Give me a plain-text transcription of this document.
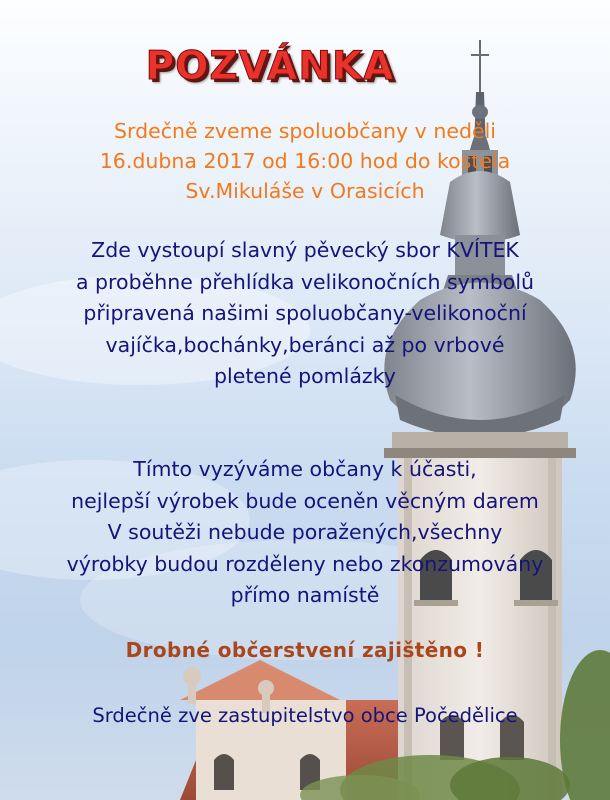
POZVÁNKA

Srdečně zveme spoluobčany v neděli
16.dubna 2017 od 16:00 hod do kostela
Sv.Mikuláše v Orasicích

Zde vystoupí slavný pěvecký sbor KVÍTEK
a proběhne přehlídka velikonočních symbolů
připravená našimi spoluobčany-velikonoční
vajíčka,bochánky,beránci až po vrbové
pletené pomlázky

Tímto vyzýváme občany k účasti,
nejlepší výrobek bude oceněn věcným darem
V soutěži nebude poražených,všechny
výrobky budou rozděleny nebo zkonzumovány
přímo namístě

Drobné občerstvení zajištěno !

Srdečně zve zastupitelstvo obce Počedělice
